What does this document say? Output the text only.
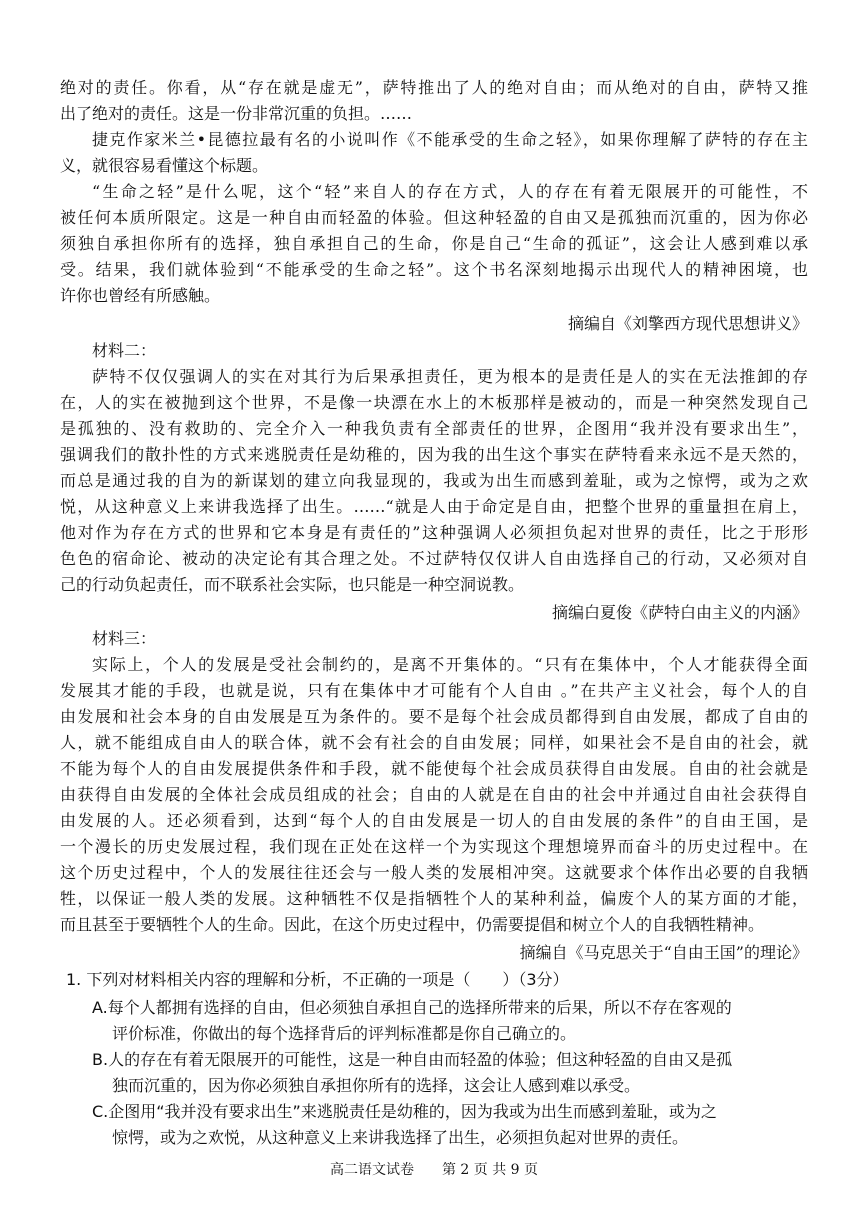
绝对的责任。你看，从“存在就是虚无”，萨特推出了人的绝对自由；而从绝对的自由，萨特又推
出了绝对的责任。这是一份非常沉重的负担。……
捷克作家米兰•昆德拉最有名的小说叫作《不能承受的生命之轻》，如果你理解了萨特的存在主
义，就很容易看懂这个标题。
“生命之轻”是什么呢，这个“轻”来自人的存在方式，人的存在有着无限展开的可能性，不
被任何本质所限定。这是一种自由而轻盈的体验。但这种轻盈的自由又是孤独而沉重的，因为你必
须独自承担你所有的选择，独自承担自己的生命，你是自己“生命的孤证”，这会让人感到难以承
受。结果，我们就体验到“不能承受的生命之轻”。这个书名深刻地揭示出现代人的精神困境，也
许你也曾经有所感触。
摘编自《刘擎西方现代思想讲义》
材料二：
萨特不仅仅强调人的实在对其行为后果承担责任，更为根本的是责任是人的实在无法推卸的存
在，人的实在被抛到这个世界，不是像一块漂在水上的木板那样是被动的，而是一种突然发现自己
是孤独的、没有救助的、完全介入一种我负责有全部责任的世界，企图用“我并没有要求出生”，
强调我们的散扑性的方式来逃脱责任是幼稚的，因为我的出生这个事实在萨特看来永远不是天然的，
而总是通过我的自为的新谋划的建立向我显现的，我或为出生而感到羞耻，或为之惊愕，或为之欢
悦，从这种意义上来讲我选择了出生。……“就是人由于命定是自由，把整个世界的重量担在肩上，
他对作为存在方式的世界和它本身是有责任的”这种强调人必须担负起对世界的责任，比之于形形
色色的宿命论、被动的决定论有其合理之处。不过萨特仅仅讲人自由选择自己的行动，又必须对自
己的行动负起责任，而不联系社会实际，也只能是一种空洞说教。
摘编白夏俊《萨特白由主义的内涵》
材料三：
实际上，个人的发展是受社会制约的，是离不开集体的。“只有在集体中，个人才能获得全面
发展其才能的手段，也就是说，只有在集体中才可能有个人自由 。”在共产主义社会，每个人的自
由发展和社会本身的自由发展是互为条件的。要不是每个社会成员都得到自由发展，都成了自由的
人，就不能组成自由人的联合体，就不会有社会的自由发展；同样，如果社会不是自由的社会，就
不能为每个人的自由发展提供条件和手段，就不能使每个社会成员获得自由发展。自由的社会就是
由获得自由发展的全体社会成员组成的社会；自由的人就是在自由的社会中并通过自由社会获得自
由发展的人。还必须看到，达到“每个人的自由发展是一切人的自由发展的条件”的自由王国，是
一个漫长的历史发展过程，我们现在正处在这样一个为实现这个理想境界而奋斗的历史过程中。在
这个历史过程中，个人的发展往往还会与一般人类的发展相冲突。这就要求个体作出必要的自我牺
牲，以保证一般人类的发展。这种牺牲不仅是指牺牲个人的某种利益，偏废个人的某方面的才能，
而且甚至于要牺牲个人的生命。因此，在这个历史过程中，仍需要提倡和树立个人的自我牺牲精神。
摘编自《马克思关于“自由王国”的理论》
1. 下列对材料相关内容的理解和分析，不正确的一项是（　　）（3分）
A.每个人都拥有选择的自由，但必须独自承担自己的选择所带来的后果，所以不存在客观的
评价标准，你做出的每个选择背后的评判标准都是你自己确立的。
B.人的存在有着无限展开的可能性，这是一种自由而轻盈的体验；但这种轻盈的自由又是孤
独而沉重的，因为你必须独自承担你所有的选择，这会让人感到难以承受。
C.企图用“我并没有要求出生”来逃脱责任是幼稚的，因为我或为出生而感到羞耻，或为之
惊愕，或为之欢悦，从这种意义上来讲我选择了出生，必须担负起对世界的责任。
高二语文试卷　　第 2 页 共 9 页
